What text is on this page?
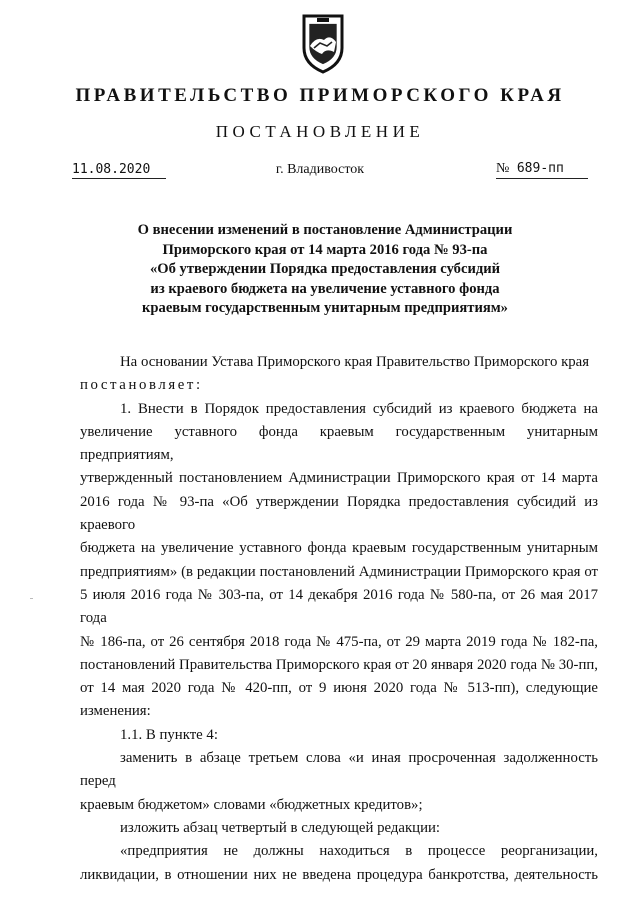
ПРАВИТЕЛЬСТВО ПРИМОРСКОГО КРАЯ
ПОСТАНОВЛЕНИЕ
11.08.2020	г. Владивосток	№ 689-пп
О внесении изменений в постановление Администрации
Приморского края от 14 марта 2016 года № 93-па
«Об утверждении Порядка предоставления субсидий
из краевого бюджета на увеличение уставного фонда
краевым государственным унитарным предприятиям»

На основании Устава Приморского края Правительство Приморского края

постановляет:

1. Внести в Порядок предоставления субсидий из краевого бюджета на

увеличение уставного фонда краевым государственным унитарным предприятиям,

утвержденный постановлением Администрации Приморского края от 14 марта

2016 года № 93-па «Об утверждении Порядка предоставления субсидий из краевого

бюджета на увеличение уставного фонда краевым государственным унитарным

предприятиям» (в редакции постановлений Администрации Приморского края от

5 июля 2016 года № 303-па, от 14 декабря 2016 года № 580-па, от 26 мая 2017 года

№ 186-па, от 26 сентября 2018 года № 475-па, от 29 марта 2019 года № 182-па,

постановлений Правительства Приморского края от 20 января 2020 года № 30-пп,

от 14 мая 2020 года № 420-пп, от 9 июня 2020 года № 513-пп), следующие

изменения:

1.1. В пункте 4:

заменить в абзаце третьем слова «и иная просроченная задолженность перед

краевым бюджетом» словами «бюджетных кредитов»;

изложить абзац четвертый в следующей редакции:

«предприятия не должны находиться в процессе реорганизации,

ликвидации, в отношении них не введена процедура банкротства, деятельность
